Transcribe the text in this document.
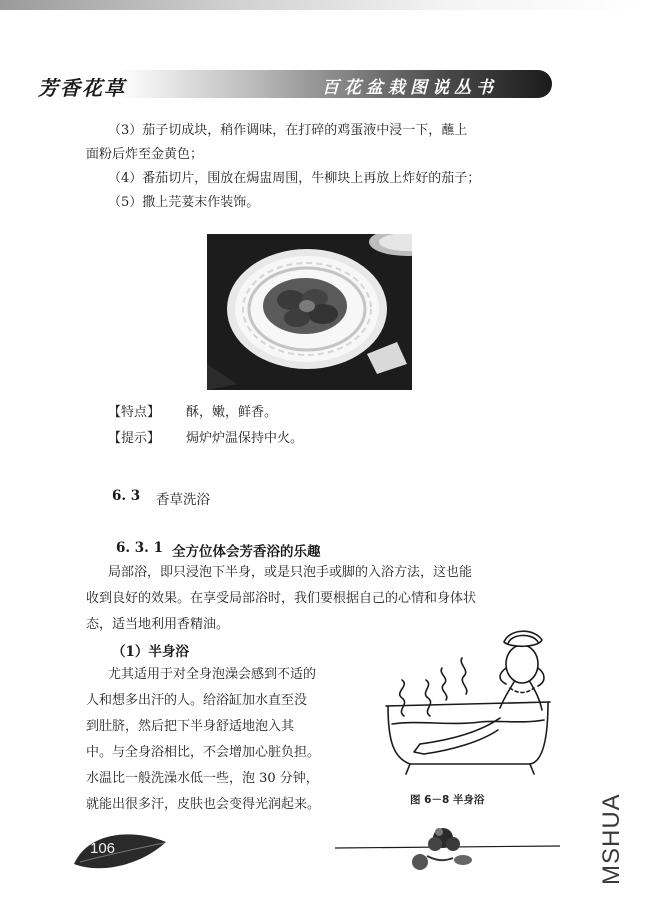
芳香花草	百花盆栽图说丛书
（3）茄子切成块，稍作调味，在打碎的鸡蛋液中浸一下，蘸上
面粉后炸至金黄色；
（4）番茄切片，围放在焗盅周围，牛柳块上再放上炸好的茄子；
（5）撒上芫荽末作装饰。
【特点】 酥，嫩，鲜香。
【提示】 焗炉炉温保持中火。
6. 3 香草洗浴
6. 3. 1 全方位体会芳香浴的乐趣
局部浴，即只浸泡下半身，或是只泡手或脚的入浴方法，这也能
收到良好的效果。在享受局部浴时，我们要根据自己的心情和身体状
态，适当地利用香精油。
（1）半身浴
尤其适用于对全身泡澡会感到不适的
人和想多出汗的人。给浴缸加水直至没
到肚脐，然后把下半身舒适地泡入其
中。与全身浴相比，不会增加心脏负担。
水温比一般洗澡水低一些，泡 30 分钟，
就能出很多汗，皮肤也会变得光润起来。	图 6－8 半身浴
106	MSHUA
